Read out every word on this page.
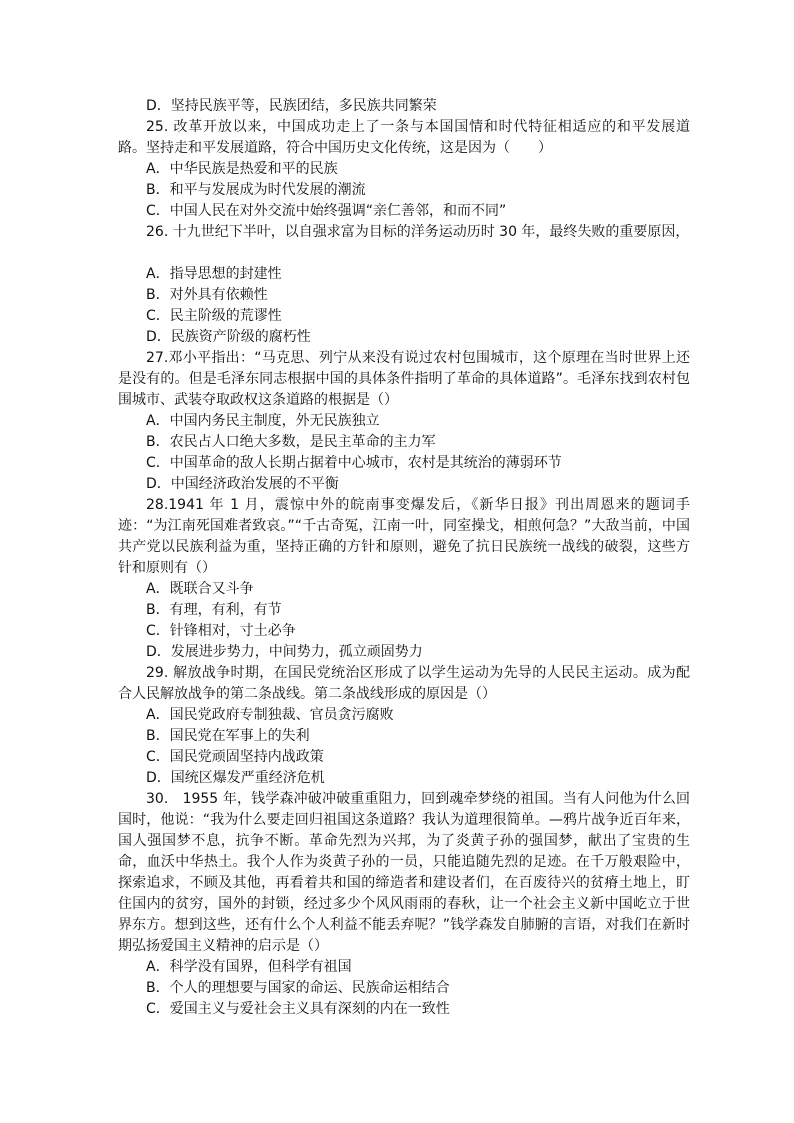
D．坚持民族平等，民族团结，多民族共同繁荣
25. 改革开放以来，中国成功走上了一条与本国国情和时代特征相适应的和平发展道路。坚持走和平发展道路，符合中国历史文化传统，这是因为（　　）
A．中华民族是热爱和平的民族
B．和平与发展成为时代发展的潮流
C．中国人民在对外交流中始终强调“亲仁善邻，和而不同”
26. 十九世纪下半叶，以自强求富为目标的洋务运动历时 30 年，最终失败的重要原因，
A．指导思想的封建性
B．对外具有依赖性
C．民主阶级的荒谬性
D．民族资产阶级的腐朽性
27.邓小平指出：“马克思、列宁从来没有说过农村包围城市，这个原理在当时世界上还是没有的。但是毛泽东同志根据中国的具体条件指明了革命的具体道路”。毛泽东找到农村包围城市、武装夺取政权这条道路的根据是（）
A．中国内务民主制度，外无民族独立
B．农民占人口绝大多数，是民主革命的主力军
C．中国革命的敌人长期占据着中心城市，农村是其统治的薄弱环节
D．中国经济政治发展的不平衡
28.1941 年 1 月，震惊中外的皖南事变爆发后，《新华日报》刊出周恩来的题词手迹：“为江南死国难者致哀。”“千古奇冤，江南一叶，同室操戈，相煎何急？”大敌当前，中国共产党以民族利益为重，坚持正确的方针和原则，避免了抗日民族统一战线的破裂，这些方针和原则有（）
A．既联合又斗争
B．有理，有利，有节
C．针锋相对，寸土必争
D．发展进步势力，中间势力，孤立顽固势力
29. 解放战争时期，在国民党统治区形成了以学生运动为先导的人民民主运动。成为配合人民解放战争的第二条战线。第二条战线形成的原因是（）
A．国民党政府专制独裁、官员贪污腐败
B．国民党在军事上的失利
C．国民党顽固坚持内战政策
D．国统区爆发严重经济危机
30.　1955 年，钱学森冲破冲破重重阻力，回到魂牵梦绕的祖国。当有人问他为什么回国时，他说：“我为什么要走回归祖国这条道路？我认为道理很简单。—鸦片战争近百年来，国人强国梦不息，抗争不断。革命先烈为兴邦，为了炎黄子孙的强国梦，献出了宝贵的生命，血沃中华热土。我个人作为炎黄子孙的一员，只能追随先烈的足迹。在千万般艰险中，探索追求，不顾及其他，再看着共和国的缔造者和建设者们，在百废待兴的贫瘠土地上，盯住国内的贫穷，国外的封锁，经过多少个风风雨雨的春秋，让一个社会主义新中国屹立于世界东方。想到这些，还有什么个人利益不能丢弃呢？”钱学森发自肺腑的言语，对我们在新时期弘扬爱国主义精神的启示是（）
A．科学没有国界，但科学有祖国
B．个人的理想要与国家的命运、民族命运相结合
C．爱国主义与爱社会主义具有深刻的内在一致性
